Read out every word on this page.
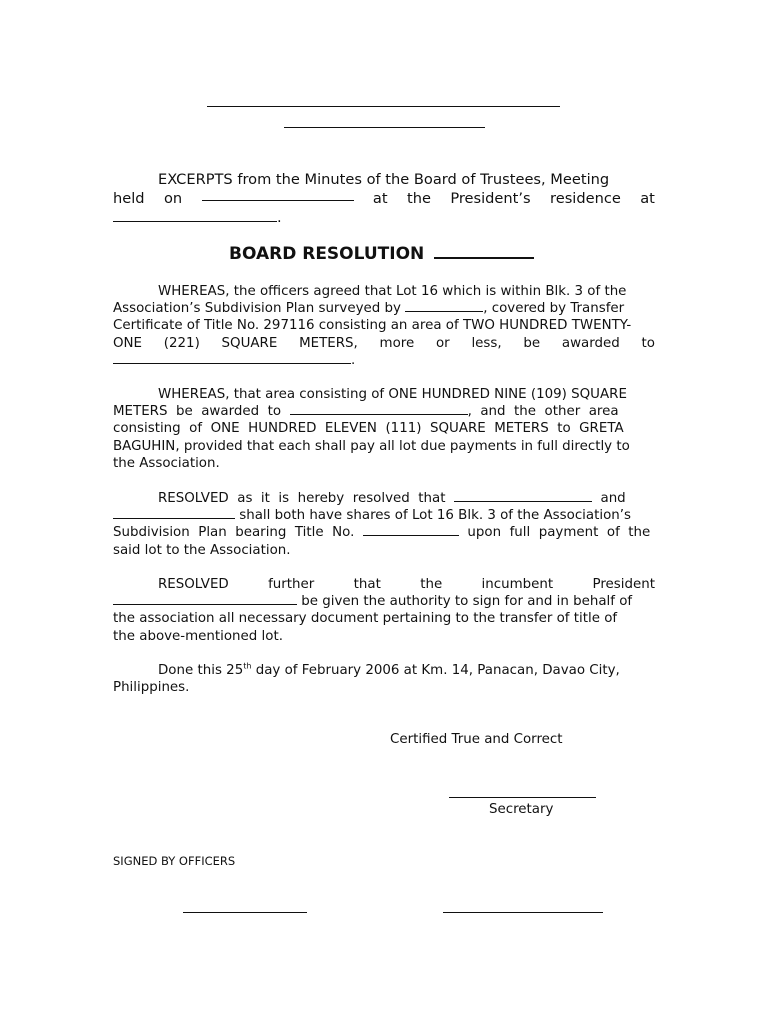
EXCERPTS from the Minutes of the Board of Trustees, Meeting

held on	at the President’s residence at

.

BOARD RESOLUTION

WHEREAS, the officers agreed that Lot 16 which is within Blk. 3 of the

Association’s Subdivision Plan surveyed by	, covered by Transfer

Certificate of Title No. 297116 consisting an area of TWO HUNDRED TWENTY-

ONE (221) SQUARE METERS, more or less, be awarded to

.

WHEREAS, that area consisting of ONE HUNDRED NINE (109) SQUARE

METERS  be  awarded  to	,  and  the  other  area

consisting  of  ONE  HUNDRED  ELEVEN  (111)  SQUARE  METERS  to  GRETA

BAGUHIN, provided that each shall pay all lot due payments in full directly to

the Association.

RESOLVED  as  it  is  hereby  resolved  that	and

shall both have shares of Lot 16 Blk. 3 of the Association’s

Subdivision  Plan  bearing  Title  No.	upon  full  payment  of  the

said lot to the Association.

RESOLVED	further	that	the	incumbent	President

be given the authority to sign for and in behalf of

the association all necessary document pertaining to the transfer of title of

the above-mentioned lot.

Done this 25th day of February 2006 at Km. 14, Panacan, Davao City,

Philippines.

Certified True and Correct
Secretary
SIGNED BY OFFICERS
